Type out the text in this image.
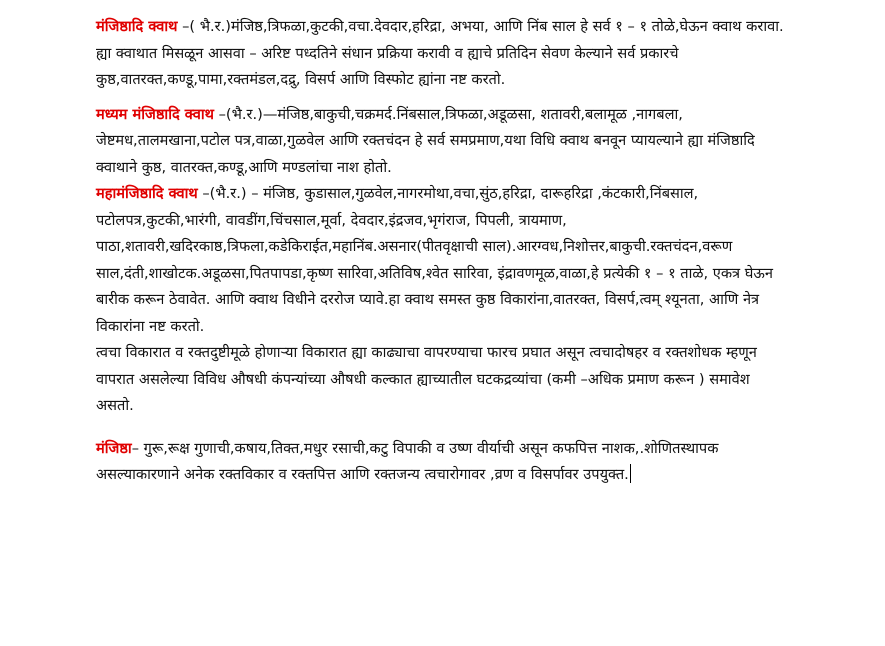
मंजिष्ठादि क्वाथ –( भै.र.)मंजिष्ठ,त्रिफळा,कुटकी,वचा.देवदार,हरिद्रा, अभया, आणि निंब साल हे सर्व १ – १ तोळे,घेऊन क्वाथ करावा. ह्या क्वाथात मिसळून आसवा – अरिष्ट पध्दतिने संधान प्रक्रिया करावी व ह्याचे प्रतिदिन सेवण केल्याने सर्व प्रकारचे कुष्ठ,वातरक्त,कण्डू,पामा,रक्तमंडल,दद्रु, विसर्प आणि विस्फोट ह्यांना नष्ट करतो.

मध्यम मंजिष्ठादि क्वाथ –(भै.र.)—मंजिष्ठ,बाकुची,चक्रमर्द.निंबसाल,त्रिफळा,अडूळसा, शतावरी,बलामूळ ,नागबला, जेष्टमध,तालमखाना,पटोल पत्र,वाळा,गुळवेल आणि रक्तचंदन हे सर्व समप्रमाण,यथा विधि क्वाथ बनवून प्यायल्याने ह्या मंजिष्ठादि क्वाथाने कुष्ठ, वातरक्त,कण्डू,आणि मण्डलांचा नाश होतो.

महामंजिष्ठादि क्वाथ –(भै.र.) – मंजिष्ठ, कुडासाल,गुळवेल,नागरमोथा,वचा,सुंठ,हरिद्रा, दारूहरिद्रा ,कंटकारी,निंबसाल, पटोलपत्र,कुटकी,भारंगी, वावडींग,चिंचसाल,मूर्वा, देवदार,इंद्रजव,भृगंराज, पिपली, त्रायमाण, पाठा,शतावरी,खदिरकाष्ठ,त्रिफला,कडेकिराईत,महानिंब.असनार(पीतवृक्षाची साल).आरग्वध,निशोत्तर,बाकुची.रक्तचंदन,वरूण साल,दंती,शाखोटक.अडूळसा,पितपापडा,कृष्ण सारिवा,अतिविष,श्वेत सारिवा, इंद्रावणमूळ,वाळा,हे प्रत्येकी १ – १ ताळे, एकत्र घेऊन बारीक करून ठेवावेत. आणि क्वाथ विधीने दररोज प्यावे.हा क्वाथ समस्त कुष्ठ विकारांना,वातरक्त, विसर्प,त्वम् श्यूनता, आणि नेत्र विकारांना नष्ट करतो.

त्वचा विकारात व रक्तदुष्टीमूळे होणाऱ्या विकारात ह्या काढ्याचा वापरण्याचा फारच प्रघात असून त्वचादोषहर व रक्तशोधक म्हणून वापरात असलेल्या विविध औषधी कंपन्यांच्या औषधी कल्कात ह्याच्यातील घटकद्रव्यांचा (कमी –अधिक प्रमाण करून ) समावेश असतो.

मंजिष्ठा– गुरू,रूक्ष गुणाची,कषाय,तिक्त,मधुर रसाची,कटु विपाकी व उष्ण वीर्याची असून कफपित्त नाशक,.शोणितस्थापक असल्याकारणाने अनेक रक्तविकार व रक्तपित्त आणि रक्तजन्य त्वचारोगावर ,व्रण व विसर्पावर उपयुक्त.
